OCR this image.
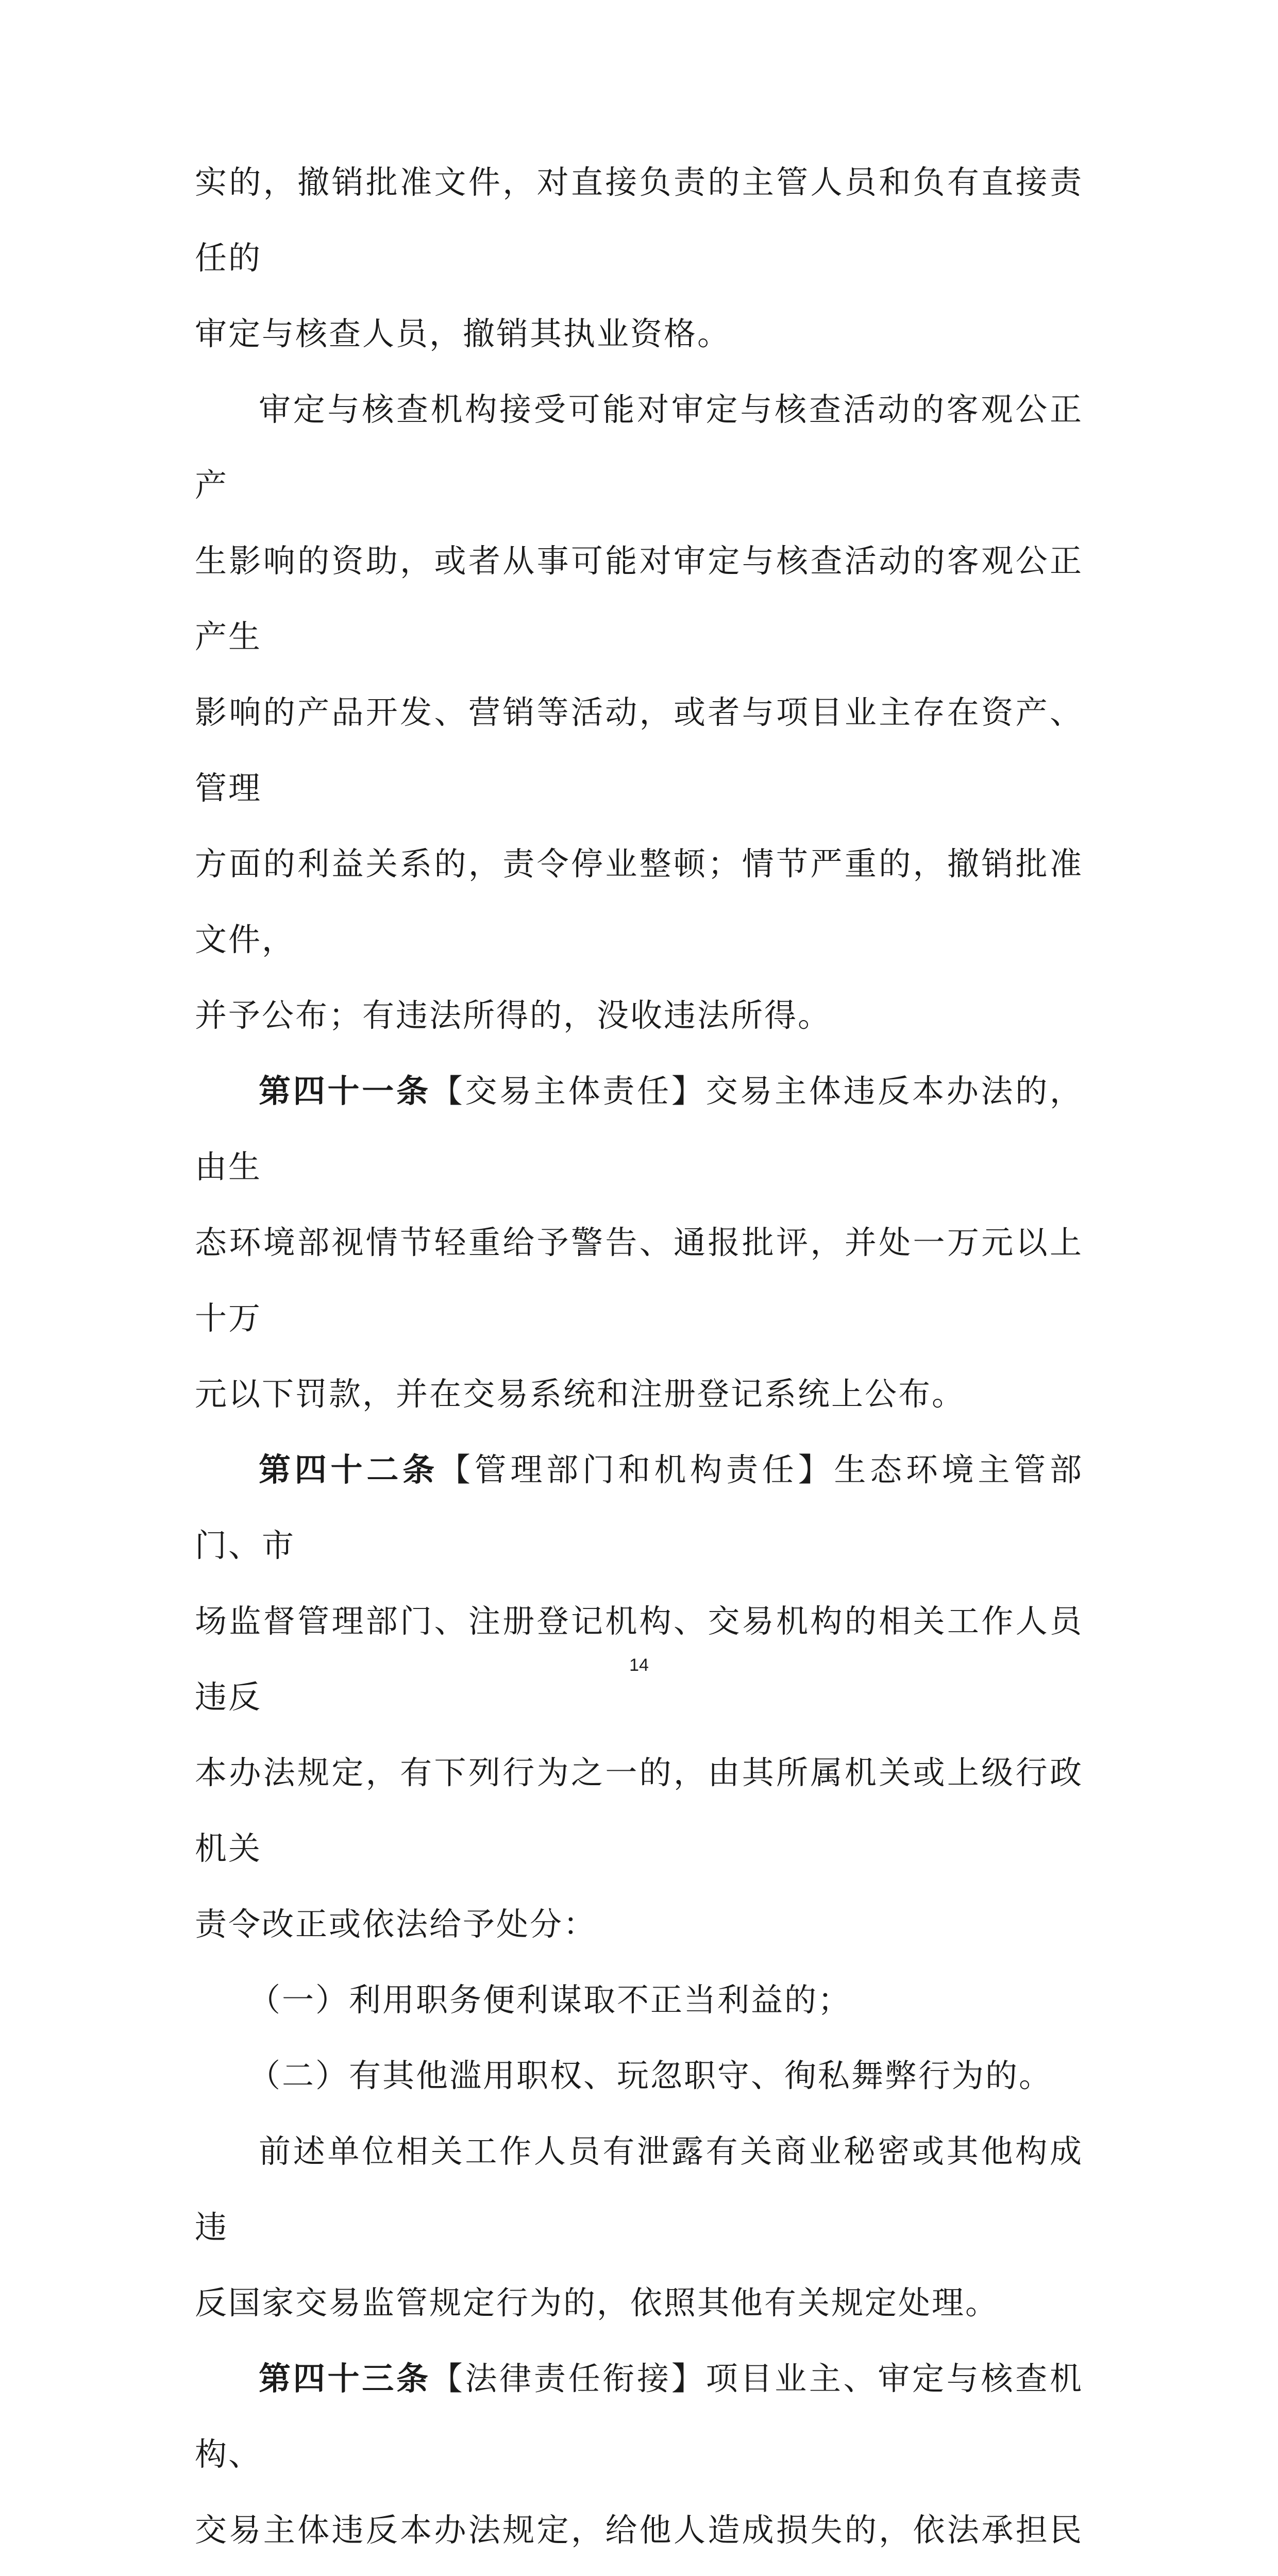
实的，撤销批准文件，对直接负责的主管人员和负有直接责任的
审定与核查人员，撤销其执业资格。

审定与核查机构接受可能对审定与核查活动的客观公正产
生影响的资助，或者从事可能对审定与核查活动的客观公正产生
影响的产品开发、营销等活动，或者与项目业主存在资产、管理
方面的利益关系的，责令停业整顿；情节严重的，撤销批准文件，
并予公布；有违法所得的，没收违法所得。

第四十一条【交易主体责任】交易主体违反本办法的，由生
态环境部视情节轻重给予警告、通报批评，并处一万元以上十万
元以下罚款，并在交易系统和注册登记系统上公布。

第四十二条【管理部门和机构责任】生态环境主管部门、市
场监督管理部门、注册登记机构、交易机构的相关工作人员违反
本办法规定，有下列行为之一的，由其所属机关或上级行政机关
责令改正或依法给予处分：

（一）利用职务便利谋取不正当利益的；

（二）有其他滥用职权、玩忽职守、徇私舞弊行为的。

前述单位相关工作人员有泄露有关商业秘密或其他构成违
反国家交易监管规定行为的，依照其他有关规定处理。

第四十三条【法律责任衔接】项目业主、审定与核查机构、
交易主体违反本办法规定，给他人造成损失的，依法承担民

14
